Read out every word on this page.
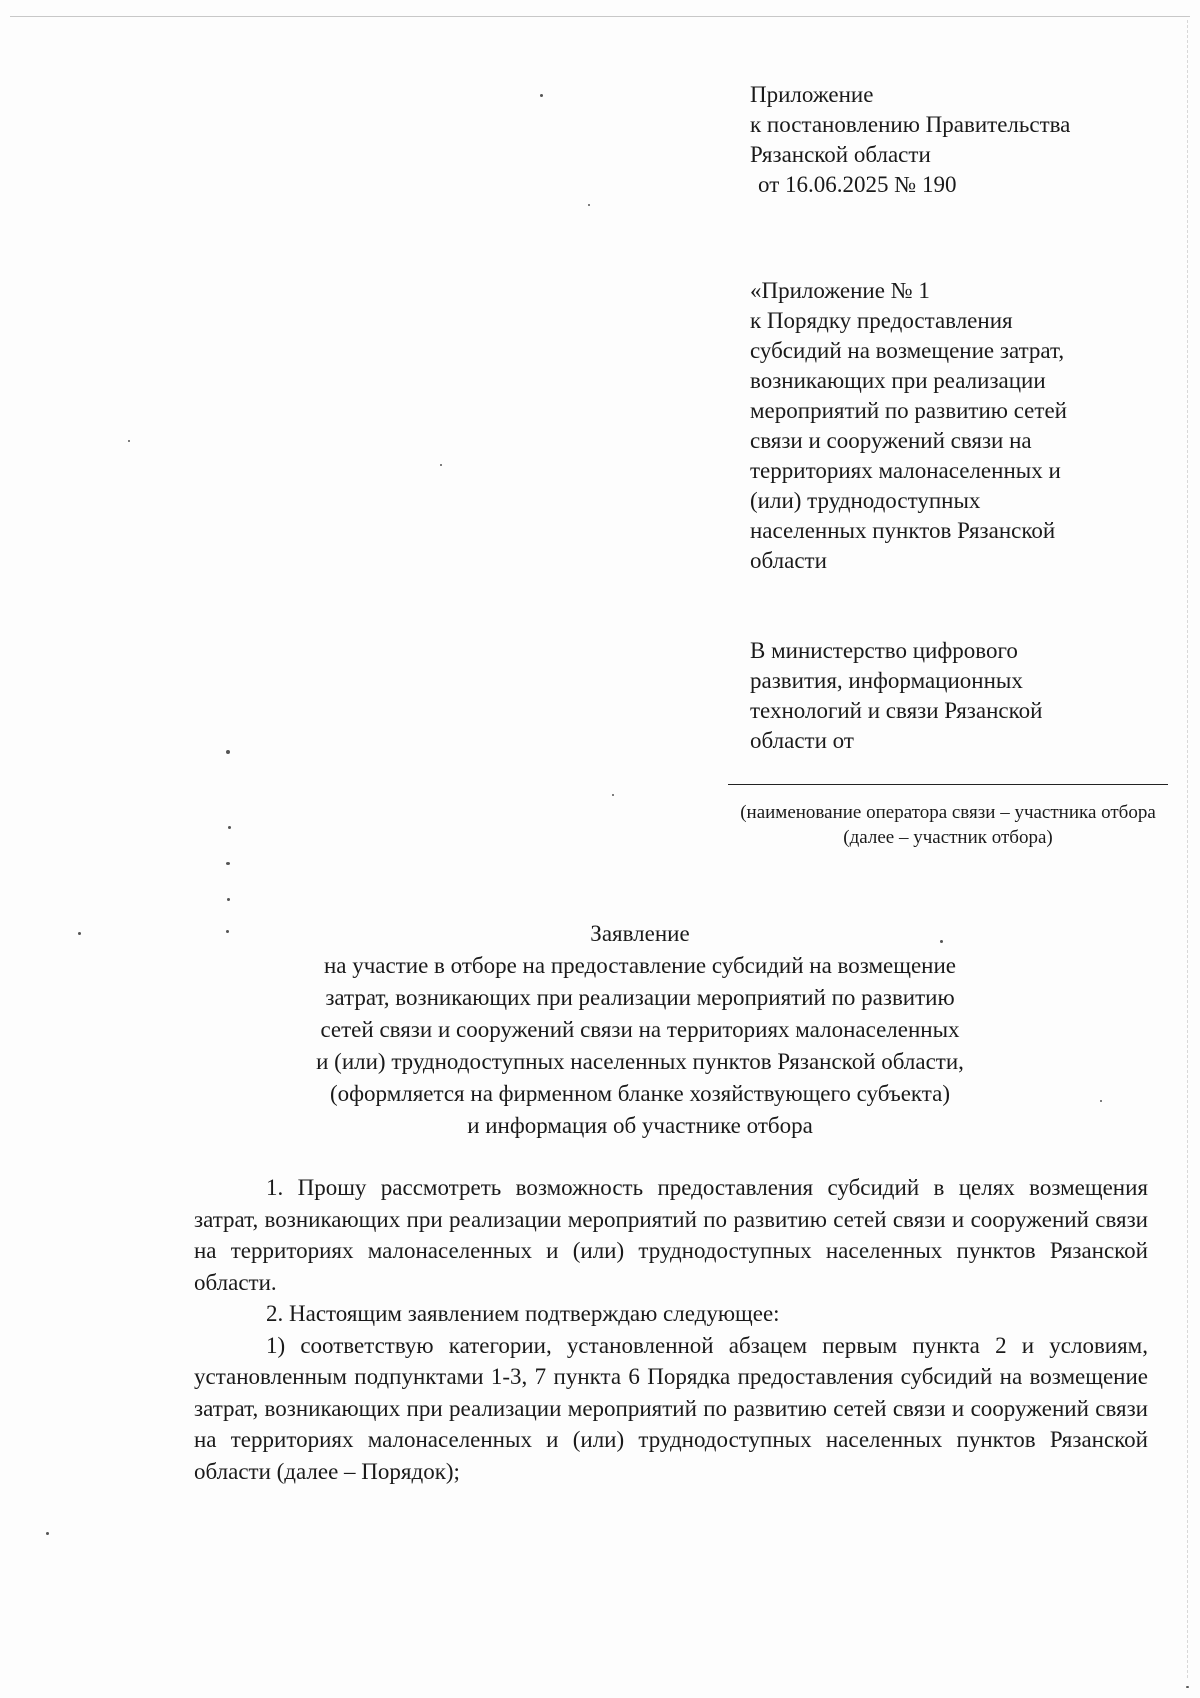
Приложение
к постановлению Правительства
Рязанской области
от 16.06.2025 № 190
«Приложение № 1
к Порядку предоставления
субсидий на возмещение затрат,
возникающих при реализации
мероприятий по развитию сетей
связи и сооружений связи на
территориях малонаселенных и
(или) труднодоступных
населенных пунктов Рязанской
области
В министерство цифрового
развития, информационных
технологий и связи Рязанской
области от
(наименование оператора связи – участника отбора (далее – участник отбора)
Заявление
на участие в отборе на предоставление субсидий на возмещение
затрат, возникающих при реализации мероприятий по развитию
сетей связи и сооружений связи на территориях малонаселенных
и (или) труднодоступных населенных пунктов Рязанской области,
(оформляется на фирменном бланке хозяйствующего субъекта)
и информация об участнике отбора

1. Прошу рассмотреть возможность предоставления субсидий в целях возмещения затрат, возникающих при реализации мероприятий по развитию сетей связи и сооружений связи на территориях малонаселенных и (или) труднодоступных населенных пунктов Рязанской области.

2. Настоящим заявлением подтверждаю следующее:

1) соответствую категории, установленной абзацем первым пункта 2 и условиям, установленным подпунктами 1-3, 7 пункта 6 Порядка предоставления субсидий на возмещение затрат, возникающих при реализации мероприятий по развитию сетей связи и сооружений связи на территориях малонаселенных и (или) труднодоступных населенных пунктов Рязанской области (далее – Порядок);
